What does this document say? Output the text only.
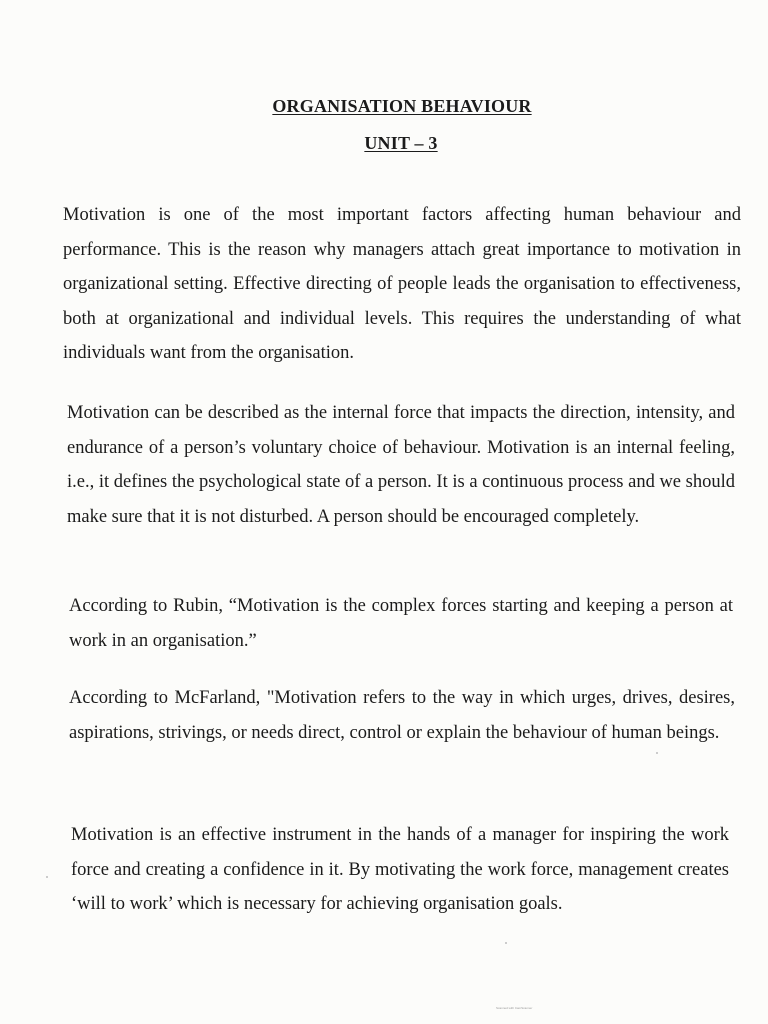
ORGANISATION BEHAVIOUR
UNIT – 3

Motivation is one of the most important factors affecting human behaviour and performance. This is the reason why managers attach great importance to motivation in organizational setting. Effective directing of people leads the organisation to effectiveness, both at organizational and individual levels. This requires the understanding of what individuals want from the organisation.

Motivation can be described as the internal force that impacts the direction, intensity, and endurance of a person’s voluntary choice of behaviour. Motivation is an internal feeling, i.e., it defines the psychological state of a person. It is a continuous process and we should make sure that it is not disturbed. A person should be encouraged completely.

According to Rubin, “Motivation is the complex forces starting and keeping a person at work in an organisation.”

According to McFarland, "Motivation refers to the way in which urges, drives, desires, aspirations, strivings, or needs direct, control or explain the behaviour of human beings.

Motivation is an effective instrument in the hands of a manager for inspiring the work force and creating a confidence in it. By motivating the work force, management creates ‘will to work’ which is necessary for achieving organisation goals.

Scanned with CamScanner
